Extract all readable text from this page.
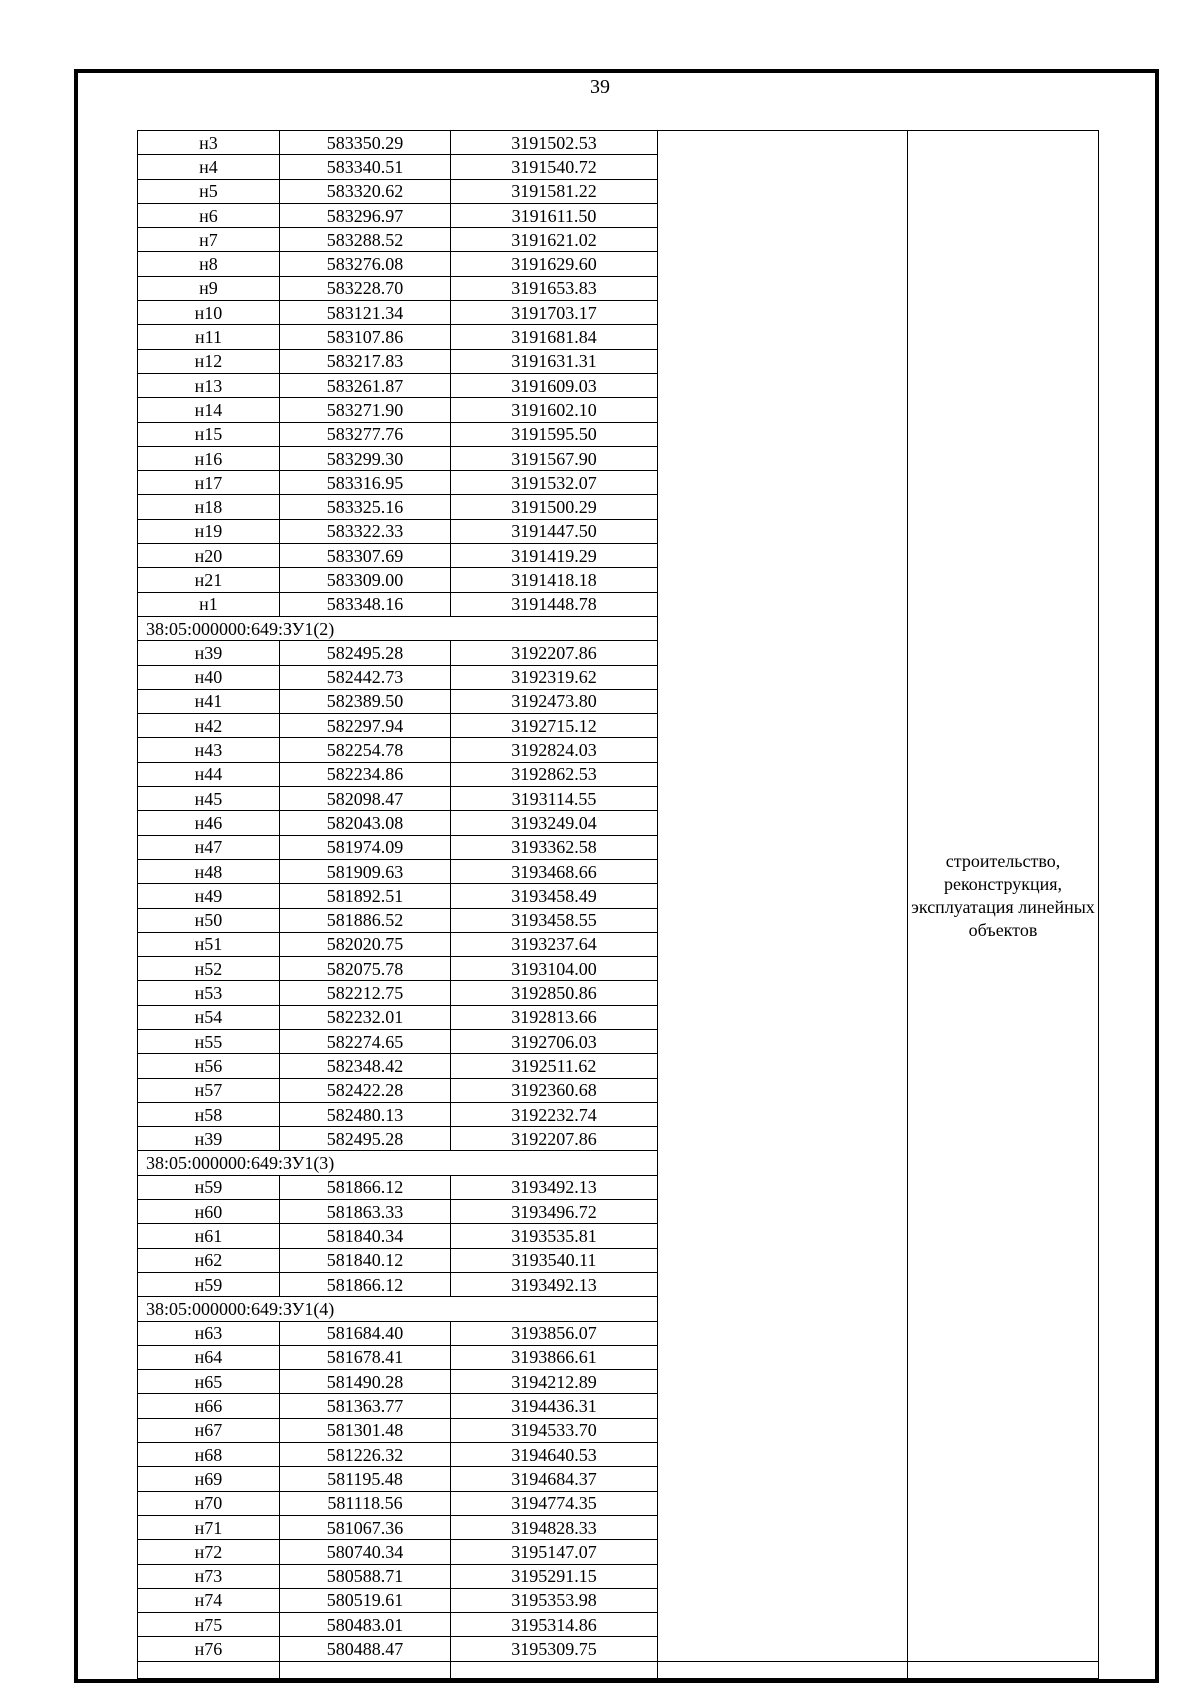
39
н3	583350.29	3191502.53		строительство, реконструкция, эксплуатация линейных объектов
н4	583340.51	3191540.72		
н5	583320.62	3191581.22		
н6	583296.97	3191611.50		
н7	583288.52	3191621.02		
н8	583276.08	3191629.60		
н9	583228.70	3191653.83		
н10	583121.34	3191703.17		
н11	583107.86	3191681.84		
н12	583217.83	3191631.31		
н13	583261.87	3191609.03		
н14	583271.90	3191602.10		
н15	583277.76	3191595.50		
н16	583299.30	3191567.90		
н17	583316.95	3191532.07		
н18	583325.16	3191500.29		
н19	583322.33	3191447.50		
н20	583307.69	3191419.29		
н21	583309.00	3191418.18		
н1	583348.16	3191448.78		
38:05:000000:649:ЗУ1(2)				
н39	582495.28	3192207.86		
н40	582442.73	3192319.62		
н41	582389.50	3192473.80		
н42	582297.94	3192715.12		
н43	582254.78	3192824.03		
н44	582234.86	3192862.53		
н45	582098.47	3193114.55		
н46	582043.08	3193249.04		
н47	581974.09	3193362.58		
н48	581909.63	3193468.66		
н49	581892.51	3193458.49		
н50	581886.52	3193458.55		
н51	582020.75	3193237.64		
н52	582075.78	3193104.00		
н53	582212.75	3192850.86		
н54	582232.01	3192813.66		
н55	582274.65	3192706.03		
н56	582348.42	3192511.62		
н57	582422.28	3192360.68		
н58	582480.13	3192232.74		
н39	582495.28	3192207.86		
38:05:000000:649:ЗУ1(3)				
н59	581866.12	3193492.13		
н60	581863.33	3193496.72		
н61	581840.34	3193535.81		
н62	581840.12	3193540.11		
н59	581866.12	3193492.13		
38:05:000000:649:ЗУ1(4)				
н63	581684.40	3193856.07		
н64	581678.41	3193866.61		
н65	581490.28	3194212.89		
н66	581363.77	3194436.31		
н67	581301.48	3194533.70		
н68	581226.32	3194640.53		
н69	581195.48	3194684.37		
н70	581118.56	3194774.35		
н71	581067.36	3194828.33		
н72	580740.34	3195147.07		
н73	580588.71	3195291.15		
н74	580519.61	3195353.98		
н75	580483.01	3195314.86		
н76	580488.47	3195309.75		
